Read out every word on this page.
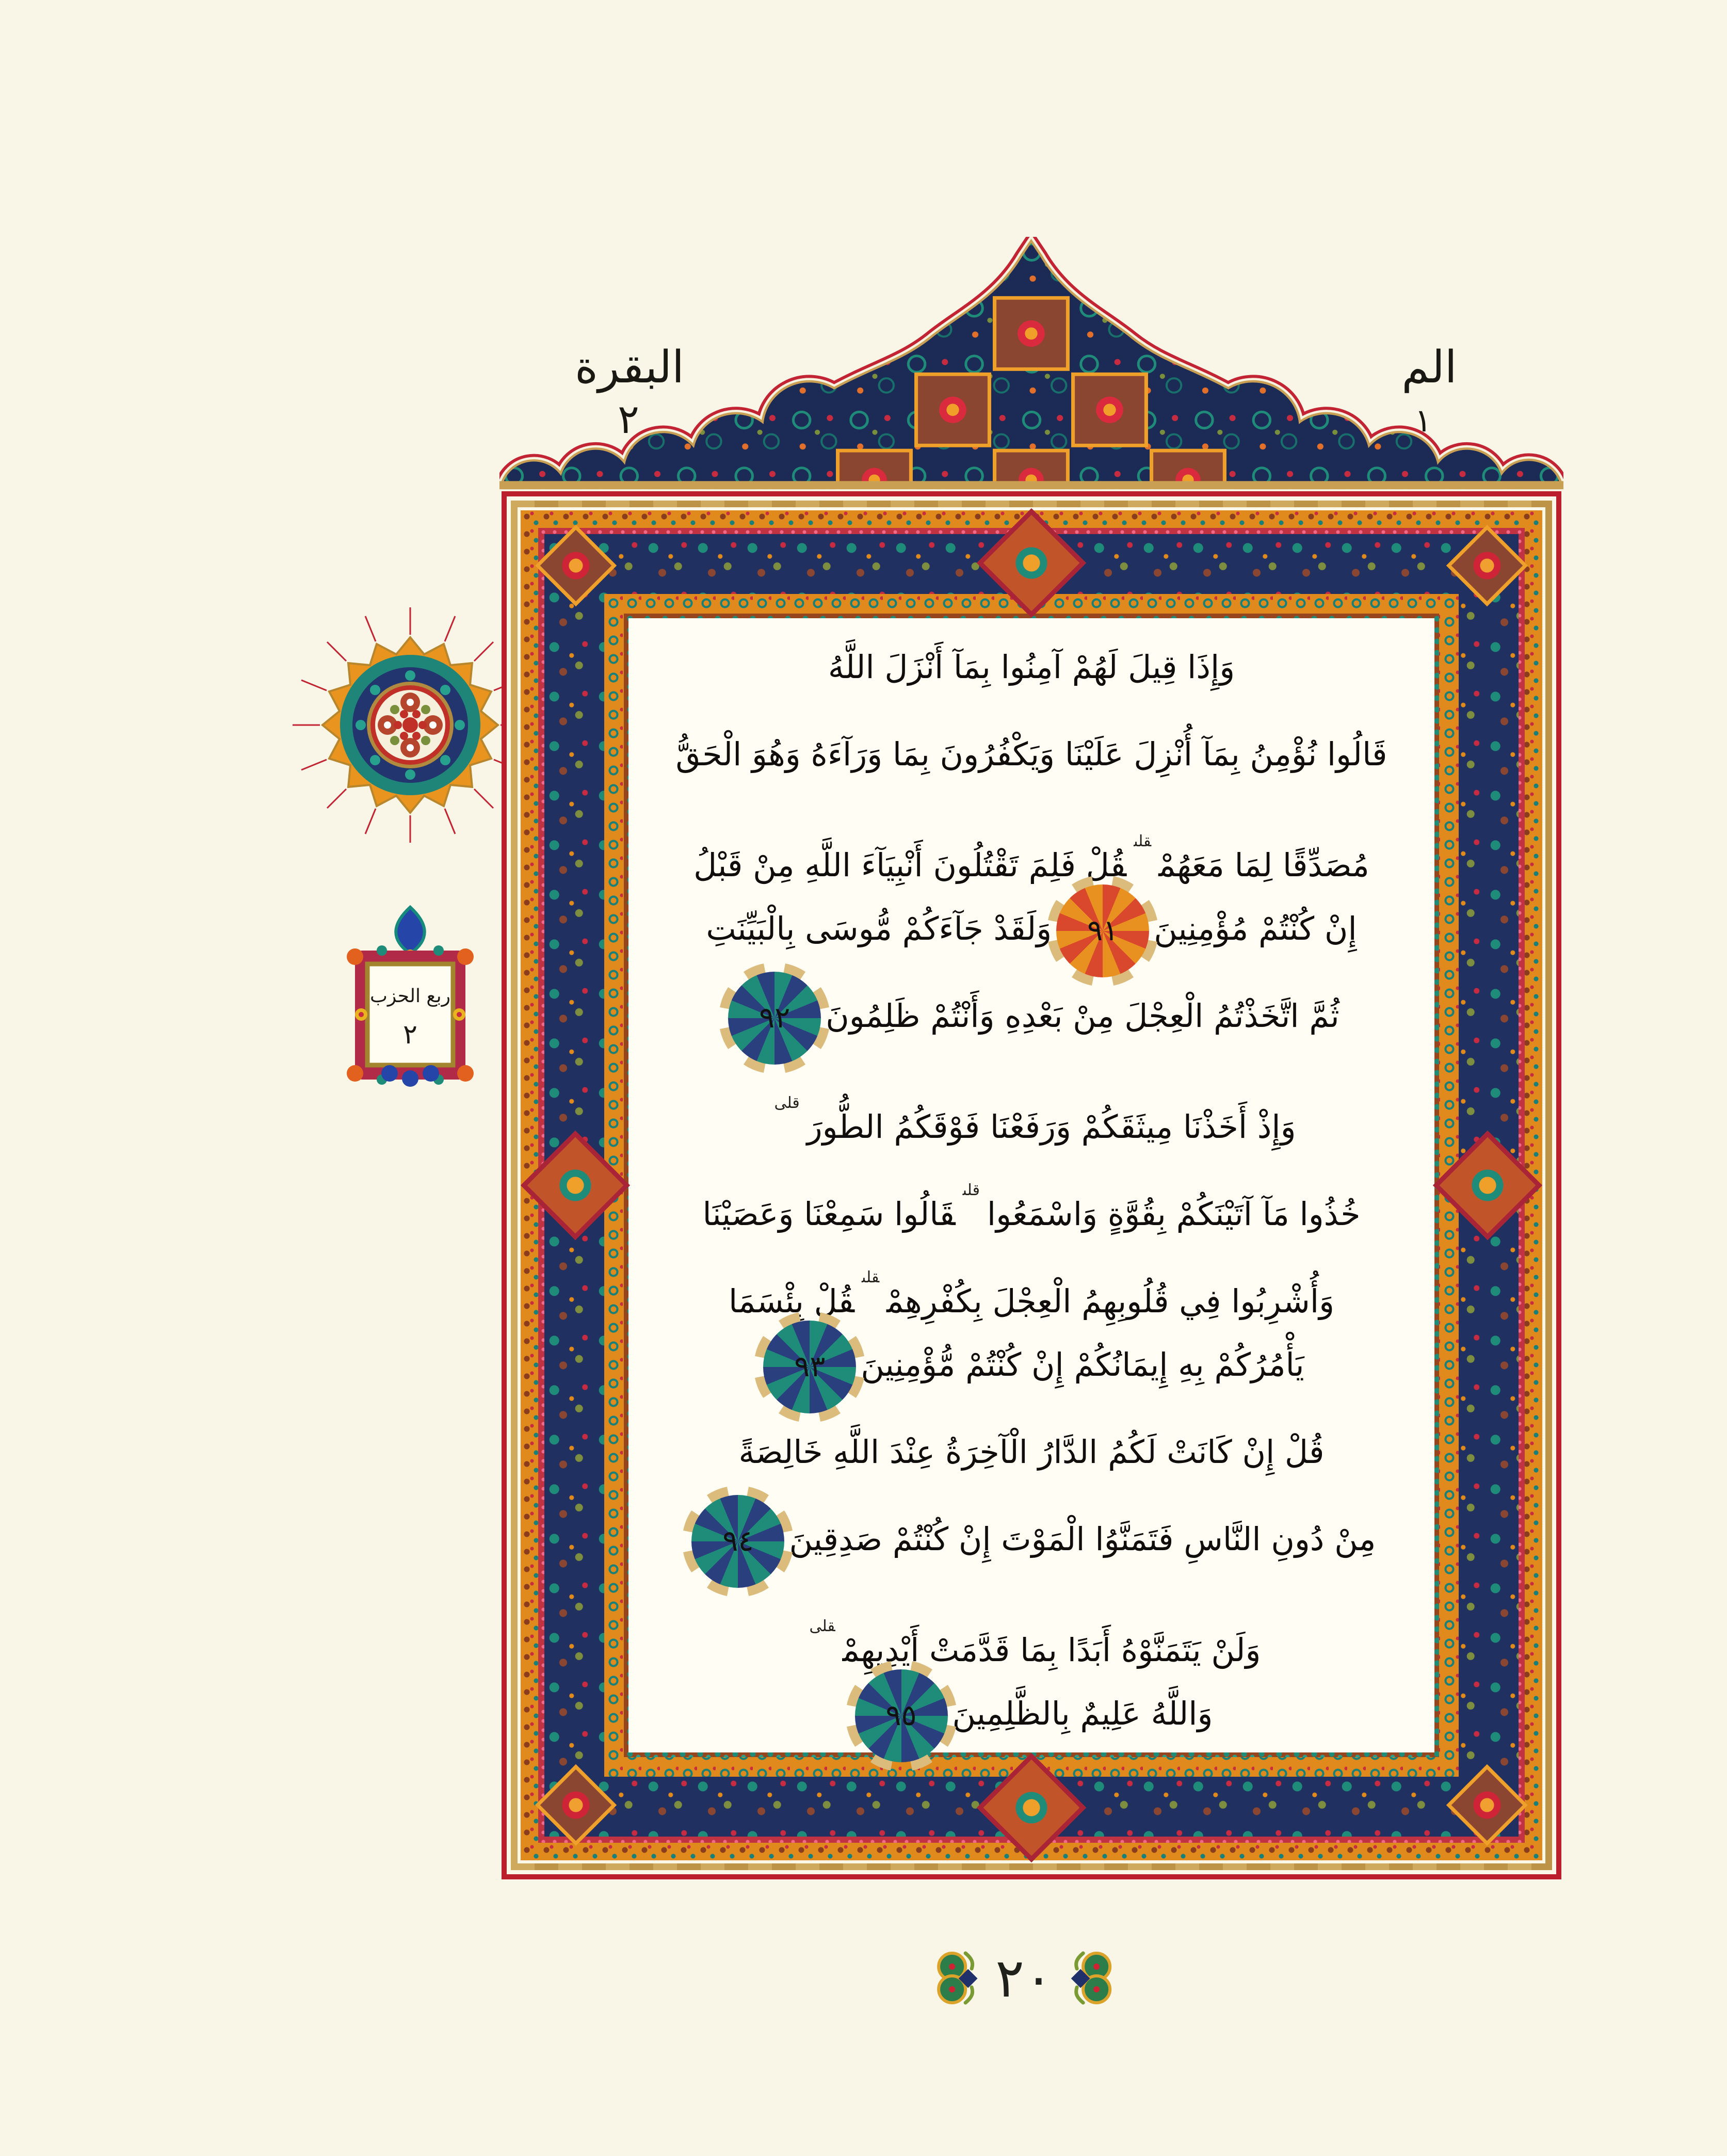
البقرة
٢
الم
١
ربع الحزب
٢
وَإِذَا قِيلَ لَهُمْ آمِنُوا بِمَآ أَنْزَلَ اللَّهُ
قَالُوا نُؤْمِنُ بِمَآ أُنْزِلَ عَلَيْنَا وَيَكْفُرُونَ بِمَا وَرَآءَهُ وَهُوَ الْحَقُّ
مُصَدِّقًا لِمَا مَعَهُمْ$^{قلى}$قُلْ فَلِمَ تَقْتُلُونَ أَنْبِيَآءَ اللَّهِ مِنْ قَبْلُ
إِنْ كُنْتُمْ مُؤْمِنِينَ
٩١
وَلَقَدْ جَآءَكُمْ مُّوسَى بِالْبَيِّنَتِ
ثُمَّ اتَّخَذْتُمُ الْعِجْلَ مِنْ بَعْدِهِ وَأَنْتُمْ ظَلِمُونَ
٩٢
وَإِذْ أَخَذْنَا مِيثَقَكُمْ وَرَفَعْنَا فَوْقَكُمُ الطُّورَ$^{قلى}$
خُذُوا مَآ آتَيْنَكُمْ بِقُوَّةٍ وَاسْمَعُوا$^{قلى}$قَالُوا سَمِعْنَا وَعَصَيْنَا
وَأُشْرِبُوا فِي قُلُوبِهِمُ الْعِجْلَ بِكُفْرِهِمْ$^{قلى}$قُلْ بِئْسَمَا
يَأْمُرُكُمْ بِهِ إِيمَانُكُمْ إِنْ كُنْتُمْ مُّؤْمِنِينَ
٩٣
قُلْ إِنْ كَانَتْ لَكُمُ الدَّارُ الْآخِرَةُ عِنْدَ اللَّهِ خَالِصَةً
مِنْ دُونِ النَّاسِ فَتَمَنَّوُا الْمَوْتَ إِنْ كُنْتُمْ صَدِقِينَ
٩٤
وَلَنْ يَتَمَنَّوْهُ أَبَدًا بِمَا قَدَّمَتْ أَيْدِيهِمْ$^{قلى}$
وَاللَّهُ عَلِيمٌ بِالظَّلِمِينَ
٩٥
٢٠
